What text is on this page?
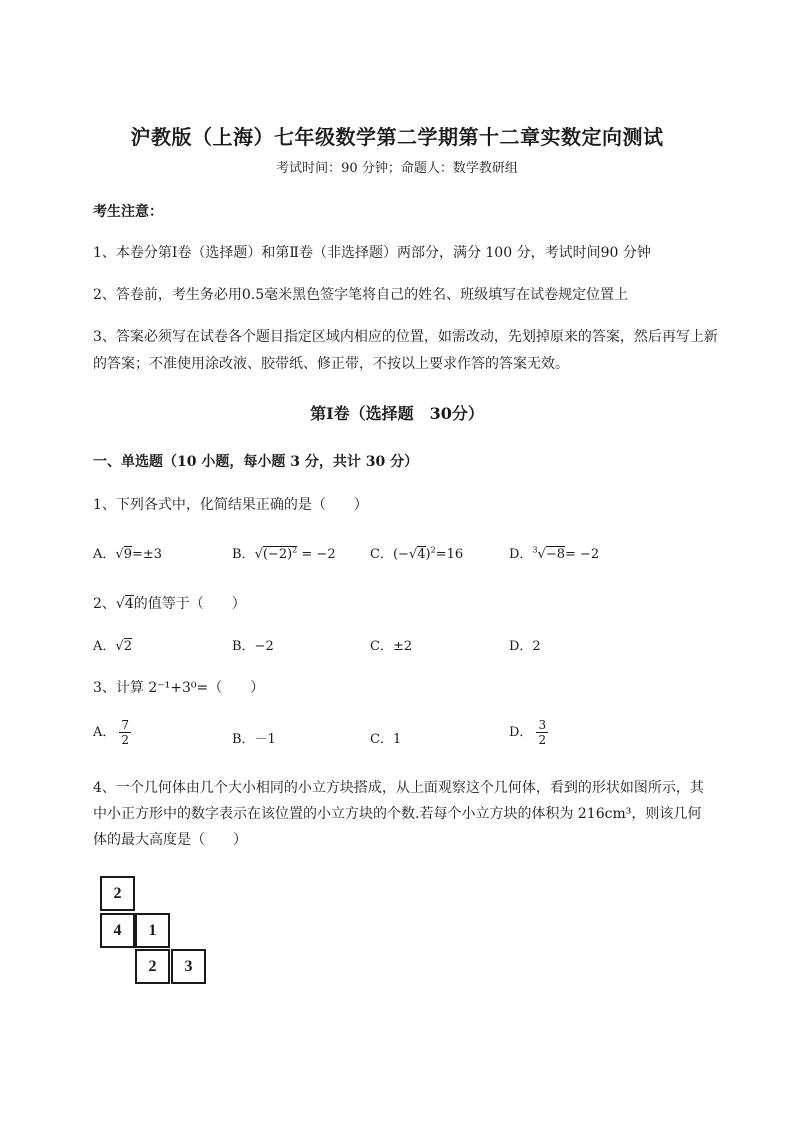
沪教版（上海）七年级数学第二学期第十二章实数定向测试
考试时间：90 分钟；命题人：数学教研组
考生注意：
1、本卷分第Ⅰ卷（选择题）和第Ⅱ卷（非选择题）两部分，满分 100 分，考试时间90 分钟
2、答卷前，考生务必用0.5毫米黑色签字笔将自己的姓名、班级填写在试卷规定位置上
3、答案必须写在试卷各个题目指定区域内相应的位置，如需改动，先划掉原来的答案，然后再写上新
的答案；不准使用涂改液、胶带纸、修正带，不按以上要求作答的答案无效。
第Ⅰ卷（选择题　30分）
一、单选题（10 小题，每小题 3 分，共计 30 分）
1、下列各式中，化简结果正确的是（　　）
A．√9=±3	B．$√(-2)^2 = -2$	C．$(-√4)^2=16$	D．$^3$√−8= −2
2、√4的值等于（　　）
A．√2	B．−2	C．±2	D．2
3、计算 2⁻¹+3⁰=（　　）
A． $\frac{7}{2}$	B．－1	C．1	D． $\frac{3}{2}$
4、一个几何体由几个大小相同的小立方块搭成，从上面观察这个几何体，看到的形状如图所示，其
中小正方形中的数字表示在该位置的小立方块的个数.若每个小立方块的体积为 216cm³，则该几何
体的最大高度是（　　）
2
4	1
2	3
